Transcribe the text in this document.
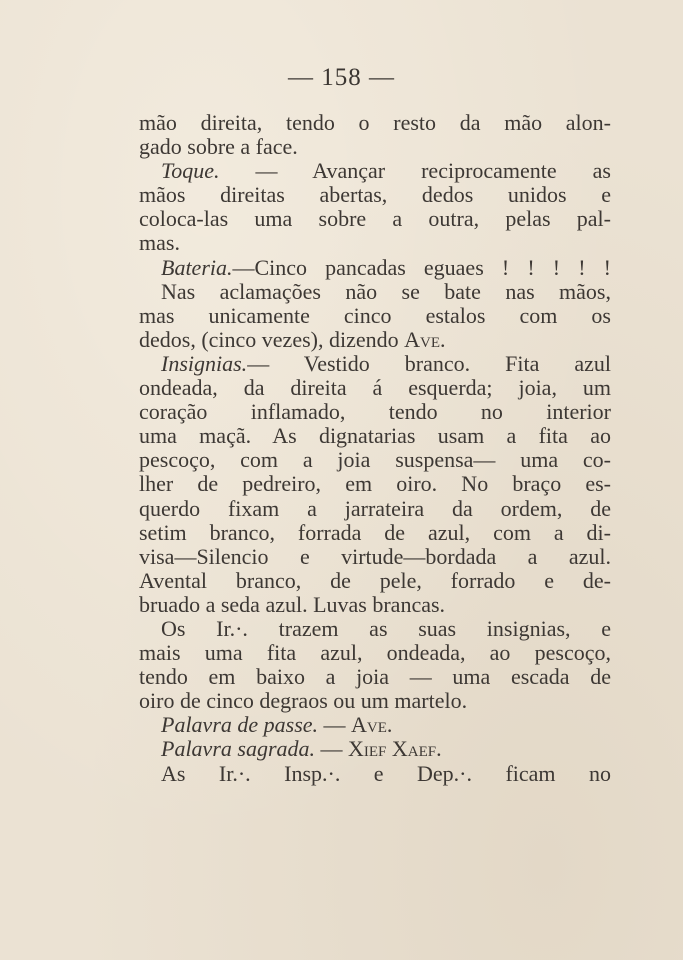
— 158 —
mão direita, tendo o resto da mão alon-
gado sobre a face.
Toque. — Avançar reciprocamente as
mãos direitas abertas, dedos unidos e
coloca-las uma sobre a outra, pelas pal-
mas.
Bateria.—Cinco pancadas eguaes ! ! ! ! !
Nas aclamações não se bate nas mãos,
mas unicamente cinco estalos com os
dedos, (cinco vezes), dizendo Ave.
Insignias.— Vestido branco. Fita azul
ondeada, da direita á esquerda; joia, um
coração inflamado, tendo no interior
uma maçã. As dignatarias usam a fita ao
pescoço, com a joia suspensa— uma co-
lher de pedreiro, em oiro. No braço es-
querdo fixam a jarrateira da ordem, de
setim branco, forrada de azul, com a di-
visa—Silencio e virtude—bordada a azul.
Avental branco, de pele, forrado e de-
bruado a seda azul. Luvas brancas.
Os Ir.·. trazem as suas insignias, e
mais uma fita azul, ondeada, ao pescoço,
tendo em baixo a joia — uma escada de
oiro de cinco degraos ou um martelo.
Palavra de passe. — Ave.
Palavra sagrada. — Xief Xaef.
As Ir.·. Insp.·. e Dep.·. ficam no
